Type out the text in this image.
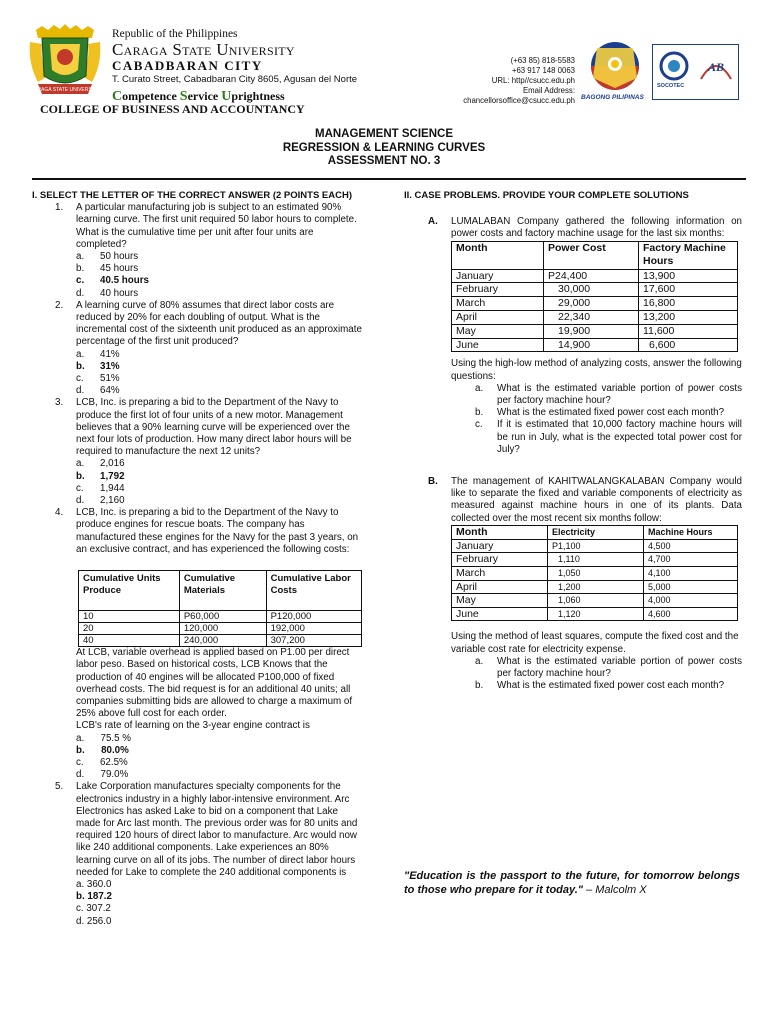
CARAGA STATE UNIVERSITY
Republic of the Philippines
Caraga State University
CABADBARAN CITY
T. Curato Street, Cabadbaran City 8605, Agusan del Norte
Competence Service Uprightness
COLLEGE OF BUSINESS AND ACCOUNTANCY
(+63 85) 818-5583
+63 917 148 0063
URL: http//csucc.edu.ph
Email Address: chancellorsoffice@csucc.edu.ph BAGONG PILIPINAS
AB
SOCOTEC
MANAGEMENT SCIENCE
REGRESSION & LEARNING CURVES
ASSESSMENT NO. 3
I. SELECT THE LETTER OF THE CORRECT ANSWER (2 POINTS EACH)
1. A particular manufacturing job is subject to an estimated 90% learning curve. The first unit required 50 labor hours to complete. What is the cumulative time per unit after four units are completed?
a. 50 hours
b. 45 hours
c. 40.5 hours
d. 40 hours
2. A learning curve of 80% assumes that direct labor costs are reduced by 20% for each doubling of output. What is the incremental cost of the sixteenth unit produced as an approximate percentage of the first unit produced?
a. 41%
b. 31%
c. 51%
d. 64%
3. LCB, Inc. is preparing a bid to the Department of the Navy to produce the first lot of four units of a new motor. Management believes that a 90% learning curve will be experienced over the next four lots of production. How many direct labor hours will be required to manufacture the next 12 units?
a. 2,016
b. 1,792
c. 1,944
d. 2,160
4. LCB, Inc. is preparing a bid to the Department of the Navy to produce engines for rescue boats. The company has manufactured these engines for the Navy for the past 3 years, on an exclusive contract, and has experienced the following costs:
Cumulative Units Produce	Cumulative Materials	Cumulative Labor Costs
10	P60,000	P120,000
20	120,000	192,000
40	240,000	307,200
At LCB, variable overhead is applied based on P1.00 per direct labor peso. Based on historical costs, LCB Knows that the production of 40 engines will be allocated P100,000 of fixed overhead costs. The bid request is for an additional 40 units; all companies submitting bids are allowed to charge a maximum of 25% above full cost for each order.
LCB's rate of learning on the 3-year engine contract is
a. 75.5 %
b. 80.0%
c. 62.5%
d. 79.0%
5. Lake Corporation manufactures specialty components for the electronics industry in a highly labor-intensive environment. Arc Electronics has asked Lake to bid on a component that Lake made for Arc last month. The previous order was for 80 units and required 120 hours of direct labor to manufacture. Arc would now like 240 additional components. Lake experiences an 80% learning curve on all of its jobs. The number of direct labor hours needed for Lake to complete the 240 additional components is
a. 360.0
b. 187.2
c. 307.2
d. 256.0
II. CASE PROBLEMS. PROVIDE YOUR COMPLETE SOLUTIONS
A. LUMALABAN Company gathered the following information on power costs and factory machine usage for the last six months:
Month	Power Cost	Factory Machine Hours
January	P24,400	13,900
February	30,000	17,600
March	29,000	16,800
April	22,340	13,200
May	19,900	11,600
June	14,900	6,600
Using the high-low method of analyzing costs, answer the following questions:
a. What is the estimated variable portion of power costs per factory machine hour?
b. What is the estimated fixed power cost each month?
c. If it is estimated that 10,000 factory machine hours will be run in July, what is the expected total power cost for July?
B. The management of KAHITWALANGKALABAN Company would like to separate the fixed and variable components of electricity as measured against machine hours in one of its plants. Data collected over the most recent six months follow:
Month	Electricity	Machine Hours
January	P1,100	4,500
February	1,110	4,700
March	1,050	4,100
April	1,200	5,000
May	1,060	4,000
June	1,120	4,600
Using the method of least squares, compute the fixed cost and the variable cost rate for electricity expense.
a. What is the estimated variable portion of power costs per factory machine hour?
b. What is the estimated fixed power cost each month?
"Education is the passport to the future, for tomorrow belongs to those who prepare for it today." – Malcolm X
